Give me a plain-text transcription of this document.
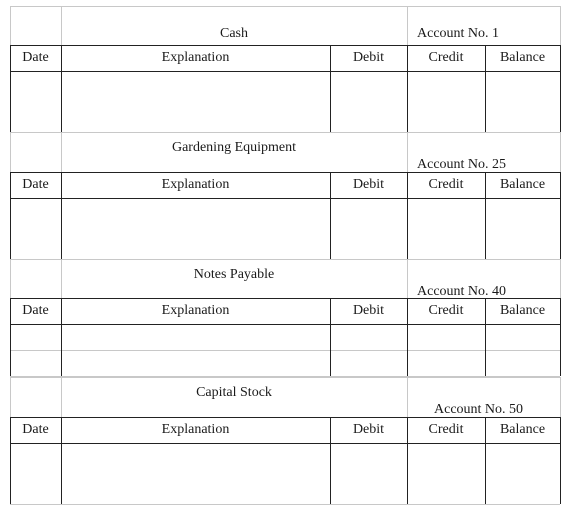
Cash	Account No. 1
Date	Explanation	Debit	Credit	Balance
Gardening Equipment
Account No. 25
Date	Explanation	Debit	Credit	Balance
Notes Payable
Account No. 40
Date	Explanation	Debit	Credit	Balance
Capital Stock
Account No. 50
Date	Explanation	Debit	Credit	Balance
